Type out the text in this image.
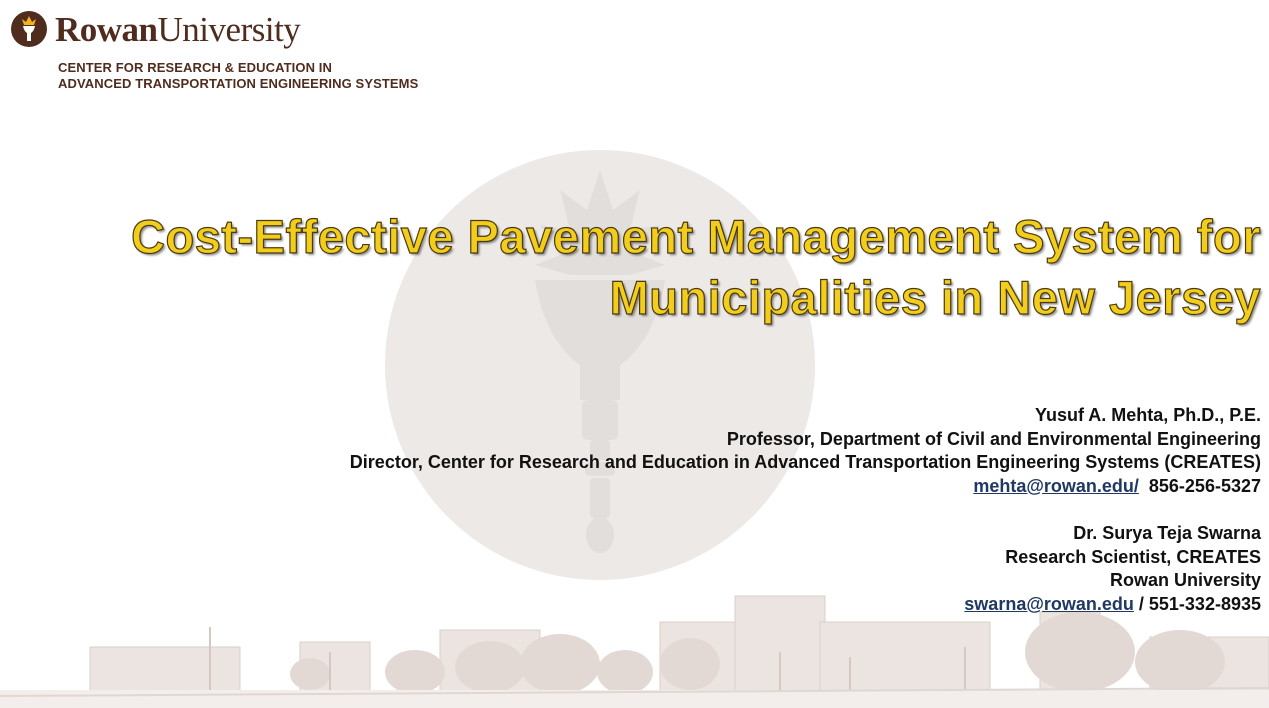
RowanUniversity
CENTER FOR RESEARCH & EDUCATION IN
ADVANCED TRANSPORTATION ENGINEERING SYSTEMS
Cost-Effective Pavement Management System for
Municipalities in New Jersey
Yusuf A. Mehta, Ph.D., P.E.
Professor, Department of Civil and Environmental Engineering
Director, Center for Research and Education in Advanced Transportation Engineering Systems (CREATES)
mehta@rowan.edu/  856-256-5327
Dr. Surya Teja Swarna
Research Scientist, CREATES
Rowan University
swarna@rowan.edu / 551-332-8935
